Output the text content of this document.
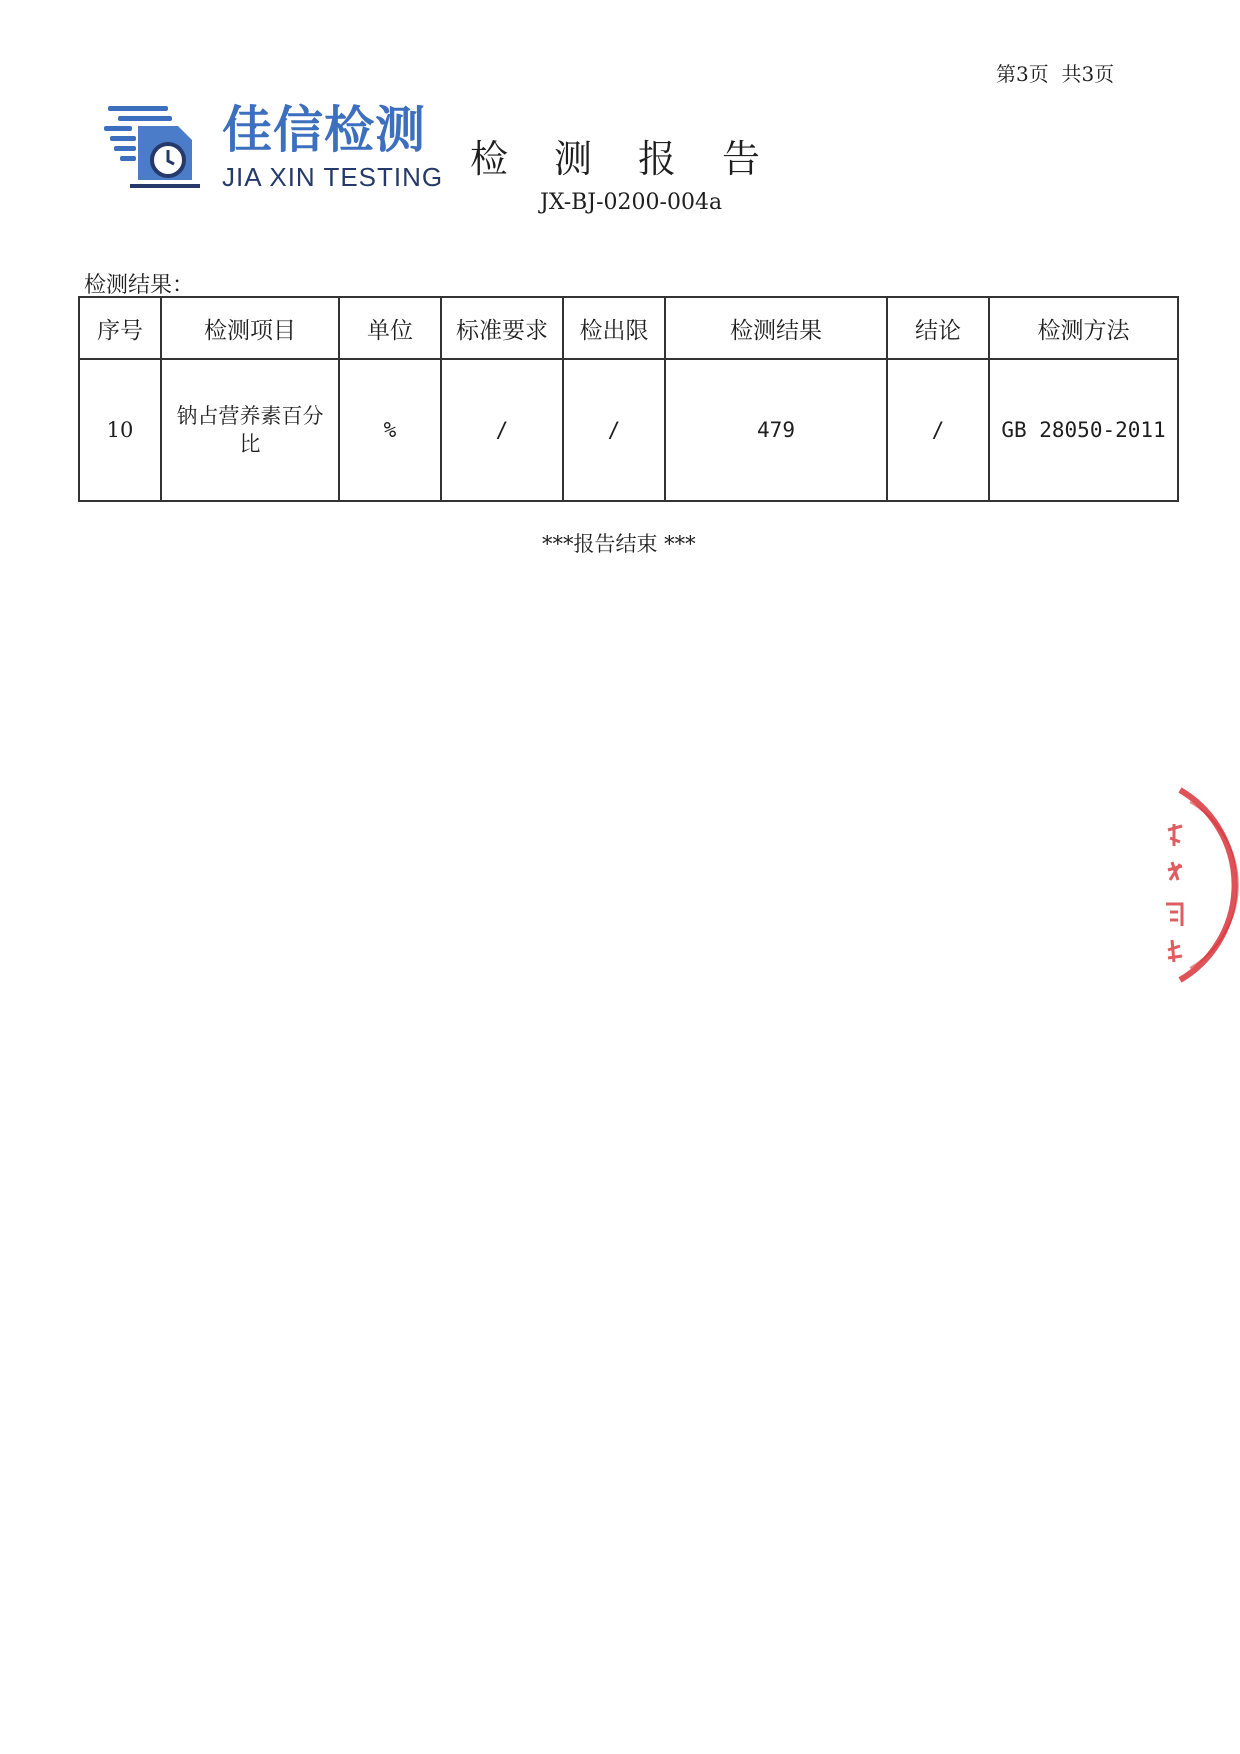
第3页  共3页
佳信检测
JIA XIN TESTING 检测报告
JX-BJ-0200-004a
检测结果：
序号	检测项目	单位	标准要求	检出限	检测结果	结论	检测方法
10	钠占营养素百分比	%	/	/	479	/	GB 28050-2011
***报告结束 ***
